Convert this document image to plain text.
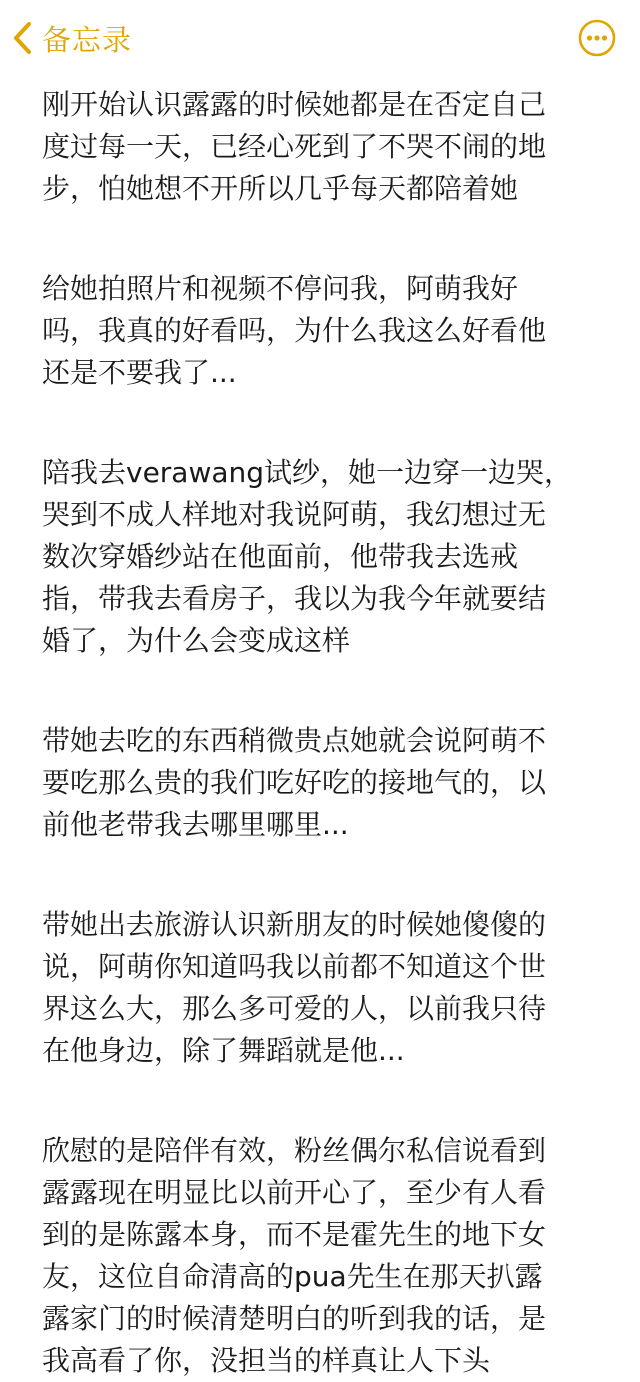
备忘录

刚开始认识露露的时候她都是在否定自己
度过每一天，已经心死到了不哭不闹的地
步，怕她想不开所以几乎每天都陪着她

给她拍照片和视频不停问我，阿萌我好
吗，我真的好看吗，为什么我这么好看他
还是不要我了...

陪我去verawang试纱，她一边穿一边哭，
哭到不成人样地对我说阿萌，我幻想过无
数次穿婚纱站在他面前，他带我去选戒
指，带我去看房子，我以为我今年就要结
婚了，为什么会变成这样

带她去吃的东西稍微贵点她就会说阿萌不
要吃那么贵的我们吃好吃的接地气的，以
前他老带我去哪里哪里...

带她出去旅游认识新朋友的时候她傻傻的
说，阿萌你知道吗我以前都不知道这个世
界这么大，那么多可爱的人，以前我只待
在他身边，除了舞蹈就是他...

欣慰的是陪伴有效，粉丝偶尔私信说看到
露露现在明显比以前开心了，至少有人看
到的是陈露本身，而不是霍先生的地下女
友，这位自命清高的pua先生在那天扒露
露家门的时候清楚明白的听到我的话，是
我高看了你，没担当的样真让人下头
